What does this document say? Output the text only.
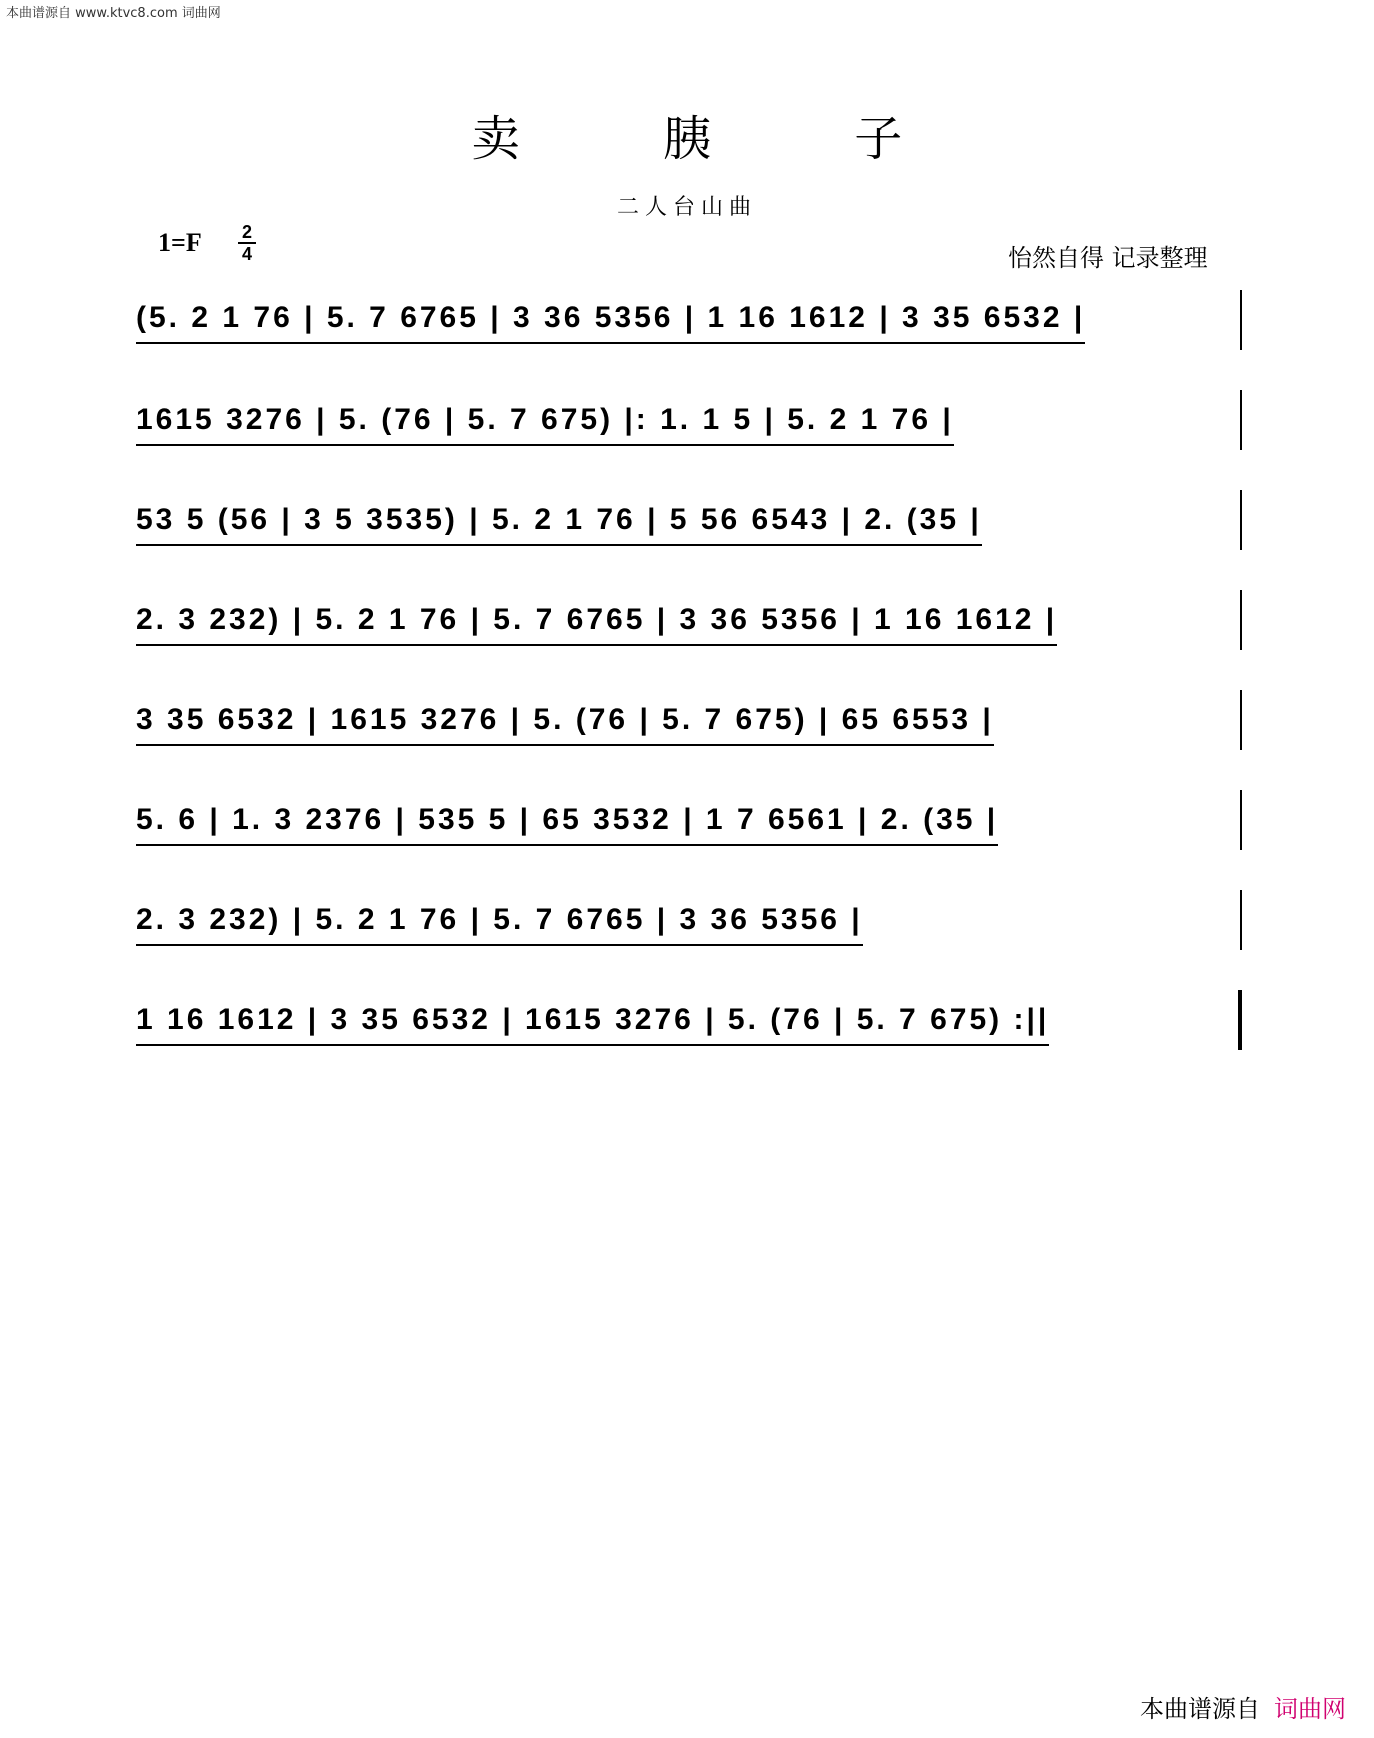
本曲谱源自 www.ktvc8.com 词曲网
卖 胰 子
二人台山曲
1=F	2
4	怡然自得 记录整理
(5. 2 1 76 | 5. 7 6765 | 3 36 5356 | 1 16 1612 | 3 35 6532 |
1615 3276 | 5. (76 | 5. 7 675) |: 1. 1 5 | 5. 2 1 76 |
53 5 (56 | 3 5 3535) | 5. 2 1 76 | 5 56 6543 | 2. (35 |
2. 3 232) | 5. 2 1 76 | 5. 7 6765 | 3 36 5356 | 1 16 1612 |
3 35 6532 | 1615 3276 | 5. (76 | 5. 7 675) | 65 6553 |
5. 6 | 1. 3 2376 | 535 5 | 65 3532 | 1 7 6561 | 2. (35 |
2. 3 232) | 5. 2 1 76 | 5. 7 6765 | 3 36 5356 |
1 16 1612 | 3 35 6532 | 1615 3276 | 5. (76 | 5. 7 675) :||
本曲谱源自 词曲网
